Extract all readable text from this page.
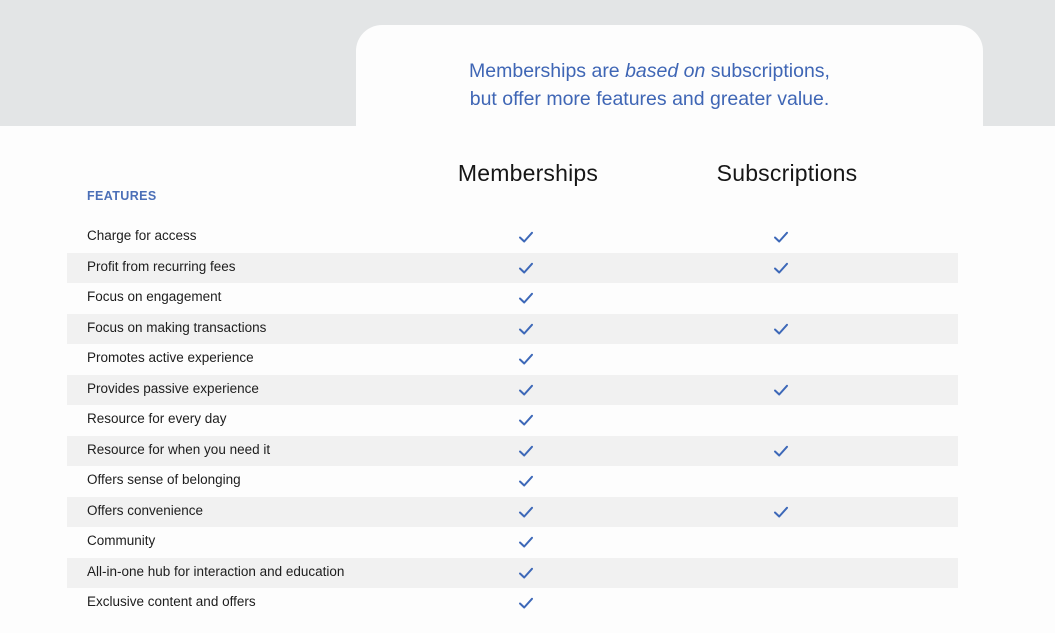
Memberships are based on subscriptions,
but offer more features and greater value.
Memberships	Subscriptions
FEATURES
Charge for access
Profit from recurring fees
Focus on engagement
Focus on making transactions
Promotes active experience
Provides passive experience
Resource for every day
Resource for when you need it
Offers sense of belonging
Offers convenience
Community
All-in-one hub for interaction and education
Exclusive content and offers
